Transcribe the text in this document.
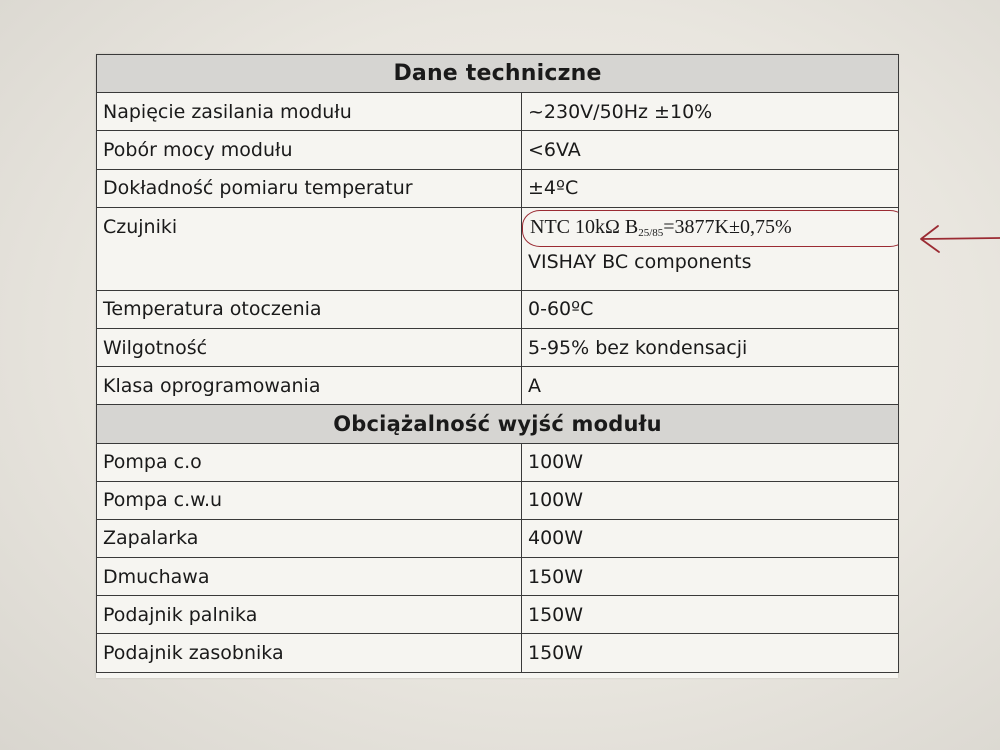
Dane techniczne	
Napięcie zasilania modułu	~230V/50Hz ±10%
Pobór mocy modułu	<6VA
Dokładność pomiaru temperatur	±4ºC
Czujniki	NTC 10kΩ $B_{25/85}=3877K\pm 0,75\%$
VISHAY BC components

Temperatura otoczenia	0-60ºC
Wilgotność	5-95% bez kondensacji
Klasa oprogramowania	A
Obciążalność wyjść modułu	
Pompa c.o	100W
Pompa c.w.u	100W
Zapalarka	400W
Dmuchawa	150W
Podajnik palnika	150W
Podajnik zasobnika	150W
